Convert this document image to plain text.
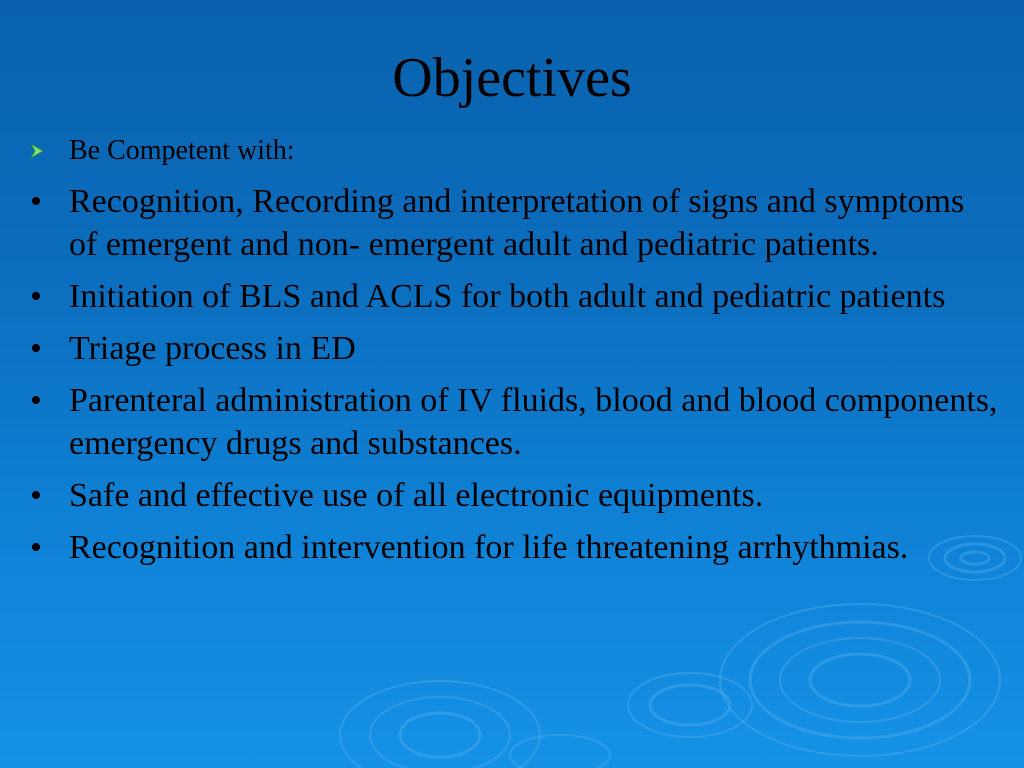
Objectives
Be Competent with:
• Recognition, Recording and interpretation of signs and symptoms of emergent and non- emergent adult and pediatric patients.
• Initiation of BLS and ACLS for both adult and pediatric patients
• Triage process in ED
• Parenteral administration of IV fluids, blood and blood components, emergency drugs and substances.
• Safe and effective use of all electronic equipments.
• Recognition and intervention for life threatening arrhythmias.
